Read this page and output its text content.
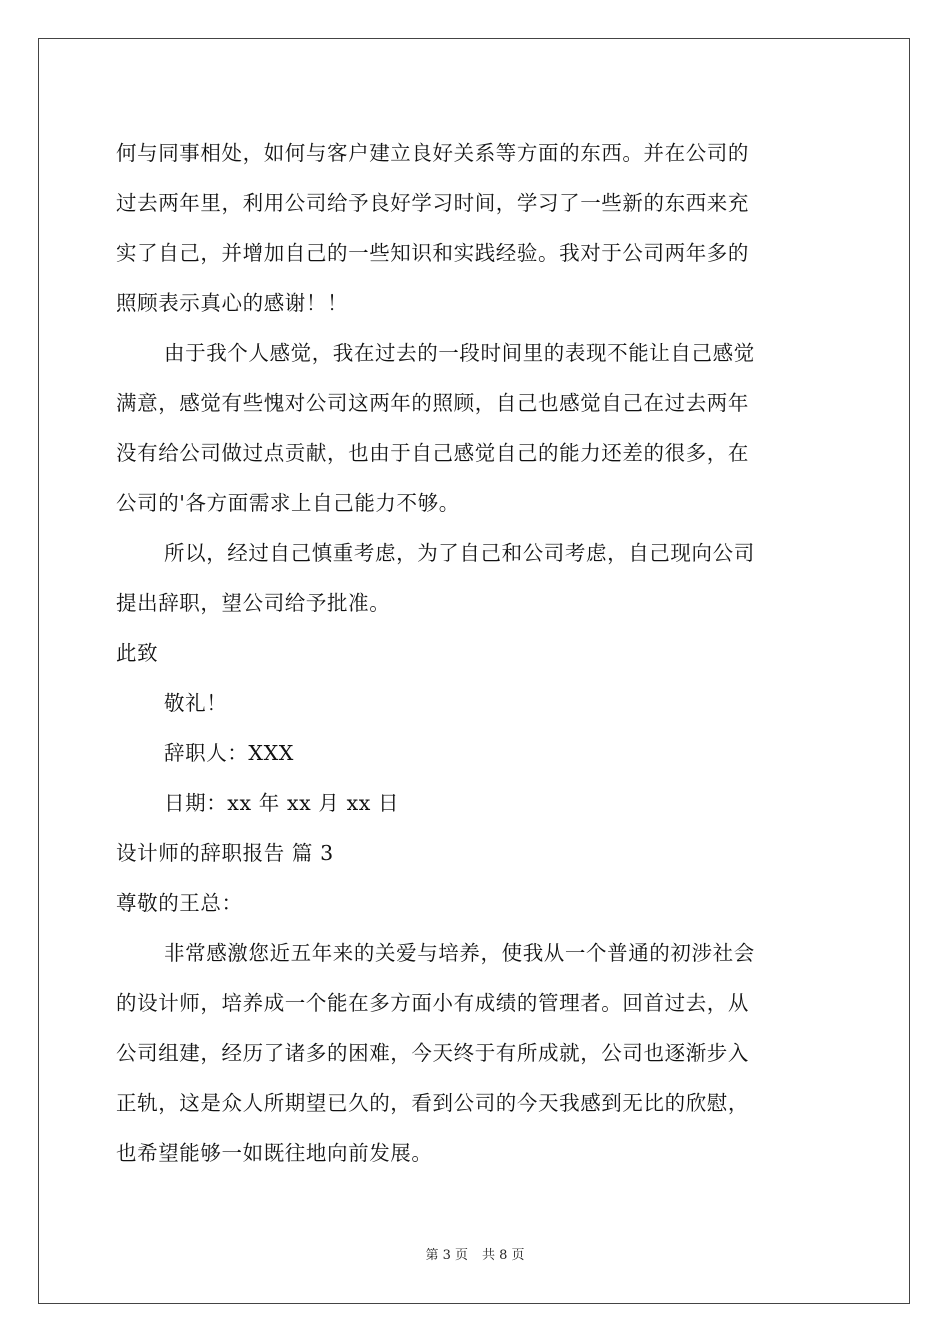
何与同事相处，如何与客户建立良好关系等方面的东西。并在公司的
过去两年里，利用公司给予良好学习时间，学习了一些新的东西来充
实了自己，并增加自己的一些知识和实践经验。我对于公司两年多的
照顾表示真心的感谢！！
由于我个人感觉，我在过去的一段时间里的表现不能让自己感觉
满意，感觉有些愧对公司这两年的照顾，自己也感觉自己在过去两年
没有给公司做过点贡献，也由于自己感觉自己的能力还差的很多，在
公司的'各方面需求上自己能力不够。
所以，经过自己慎重考虑，为了自己和公司考虑，自己现向公司
提出辞职，望公司给予批准。
此致
敬礼！
辞职人：XXX
日期：xx 年 xx 月 xx 日
设计师的辞职报告 篇 3
尊敬的王总：
非常感激您近五年来的关爱与培养，使我从一个普通的初涉社会
的设计师，培养成一个能在多方面小有成绩的管理者。回首过去，从
公司组建，经历了诸多的困难，今天终于有所成就，公司也逐渐步入
正轨，这是众人所期望已久的，看到公司的今天我感到无比的欣慰，
也希望能够一如既往地向前发展。
第 3 页 共 8 页
